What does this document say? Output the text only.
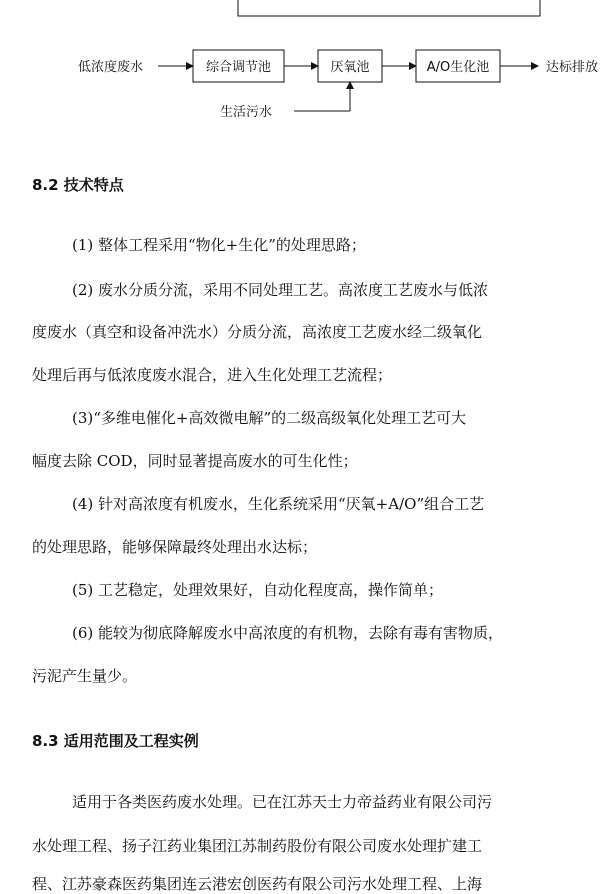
低浓度废水	综合调节池	厌氧池	A/O生化池	达标排放
生活污水
8.2 技术特点

(1) 整体工程采用“物化+生化”的处理思路；

(2) 废水分质分流，采用不同处理工艺。高浓度工艺废水与低浓

度废水（真空和设备冲洗水）分质分流，高浓度工艺废水经二级氧化

处理后再与低浓度废水混合，进入生化处理工艺流程；

(3)“多维电催化+高效微电解”的二级高级氧化处理工艺可大

幅度去除 COD，同时显著提高废水的可生化性；

(4) 针对高浓度有机废水，生化系统采用“厌氧+A/O”组合工艺

的处理思路，能够保障最终处理出水达标；

(5) 工艺稳定，处理效果好，自动化程度高，操作简单；

(6) 能较为彻底降解废水中高浓度的有机物，去除有毒有害物质，

污泥产生量少。

8.3 适用范围及工程实例

适用于各类医药废水处理。已在江苏天士力帝益药业有限公司污

水处理工程、扬子江药业集团江苏制药股份有限公司废水处理扩建工

程、江苏豪森医药集团连云港宏创医药有限公司污水处理工程、上海
